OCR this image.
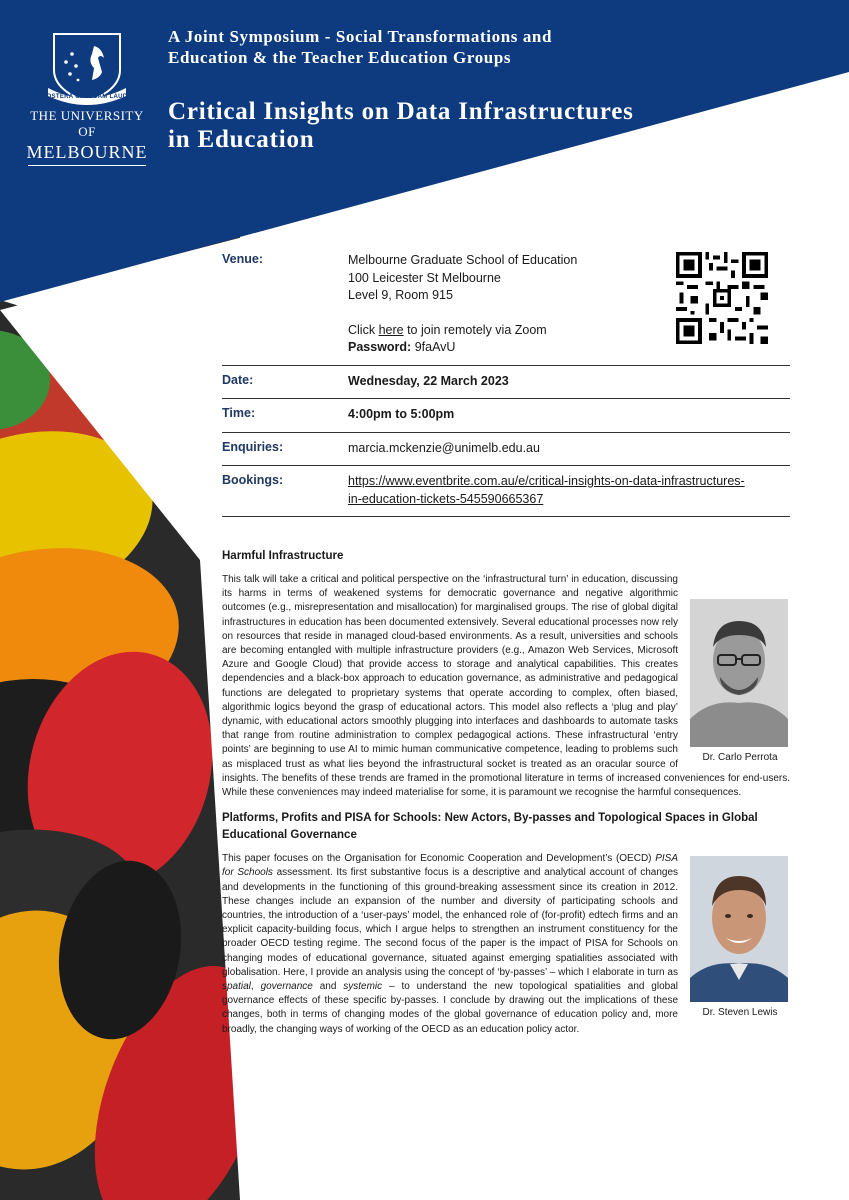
POSTERA CRESCAM LAUDE
THE UNIVERSITY OF
MELBOURNE

A Joint Symposium - Social Transformations and
Education & the Teacher Education Groups

Critical Insights on Data Infrastructures
in Education

Venue:	Melbourne Graduate School of Education
100 Leicester St Melbourne
Level 9, Room 915
Click here to join remotely via Zoom
Password: 9faAvU
Date:	Wednesday, 22 March 2023
Time:	4:00pm to 5:00pm
Enquiries:	marcia.mckenzie@unimelb.edu.au
Bookings:	https://www.eventbrite.com.au/e/critical-insights-on-data-infrastructures-
in-education-tickets-545590665367

Harmful Infrastructure

Dr. Carlo Perrota

This talk will take a critical and political perspective on the ‘infrastructural turn’ in education, discussing its harms in terms of weakened systems for democratic governance and negative algorithmic outcomes (e.g., misrepresentation and misallocation) for marginalised groups. The rise of global digital infrastructures in education has been documented extensively. Several educational processes now rely on resources that reside in managed cloud-based environments. As a result, universities and schools are becoming entangled with multiple infrastructure providers (e.g., Amazon Web Services, Microsoft Azure and Google Cloud) that provide access to storage and analytical capabilities. This creates dependencies and a black-box approach to education governance, as administrative and pedagogical functions are delegated to proprietary systems that operate according to complex, often biased, algorithmic logics beyond the grasp of educational actors. This model also reflects a ‘plug and play’ dynamic, with educational actors smoothly plugging into interfaces and dashboards to automate tasks that range from routine administration to complex pedagogical actions. These infrastructural ‘entry points’ are beginning to use AI to mimic human communicative competence, leading to problems such as misplaced trust as what lies beyond the infrastructural socket is treated as an oracular source of insights. The benefits of these trends are framed in the promotional literature in terms of increased conveniences for end-users. While these conveniences may indeed materialise for some, it is paramount we recognise the harmful consequences.

Platforms, Profits and PISA for Schools: New Actors, By-passes and Topological Spaces in Global Educational Governance

Dr. Steven Lewis

This paper focuses on the Organisation for Economic Cooperation and Development’s (OECD) PISA for Schools assessment. Its first substantive focus is a descriptive and analytical account of changes and developments in the functioning of this ground-breaking assessment since its creation in 2012. These changes include an expansion of the number and diversity of participating schools and countries, the introduction of a ‘user-pays’ model, the enhanced role of (for-profit) edtech firms and an explicit capacity-building focus, which I argue helps to strengthen an instrument constituency for the broader OECD testing regime. The second focus of the paper is the impact of PISA for Schools on changing modes of educational governance, situated against emerging spatialities associated with globalisation. Here, I provide an analysis using the concept of ‘by-passes’ – which I elaborate in turn as spatial, governance and systemic – to understand the new topological spatialities and global governance effects of these specific by-passes. I conclude by drawing out the implications of these changes, both in terms of changing modes of the global governance of education policy and, more broadly, the changing ways of working of the OECD as an education policy actor.
